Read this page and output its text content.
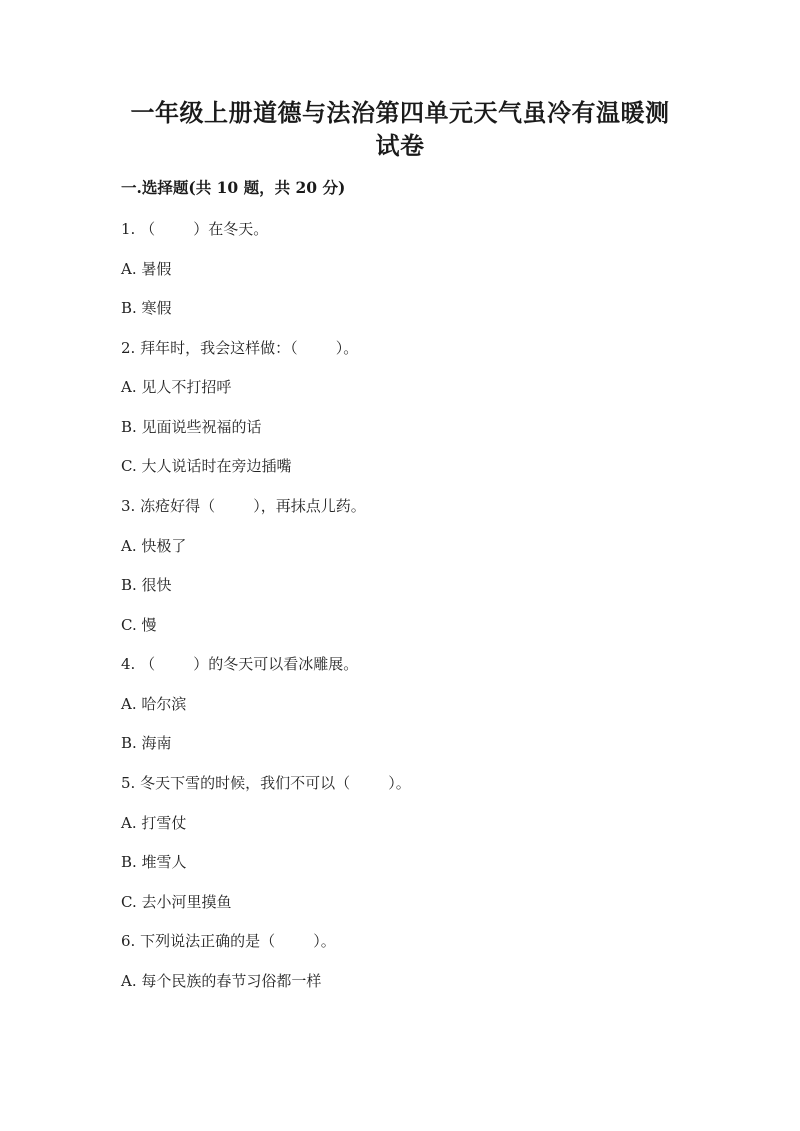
一年级上册道德与法治第四单元天气虽冷有温暖测
试卷
一.选择题(共 10 题，共 20 分)
1. （        ）在冬天。
A. 暑假
B. 寒假
2. 拜年时，我会这样做：（        ）。
A. 见人不打招呼
B. 见面说些祝福的话
C. 大人说话时在旁边插嘴
3. 冻疮好得（        ），再抹点儿药。
A. 快极了
B. 很快
C. 慢
4. （        ）的冬天可以看冰雕展。
A. 哈尔滨
B. 海南
5. 冬天下雪的时候，我们不可以（        ）。
A. 打雪仗
B. 堆雪人
C. 去小河里摸鱼
6. 下列说法正确的是（        ）。
A. 每个民族的春节习俗都一样
